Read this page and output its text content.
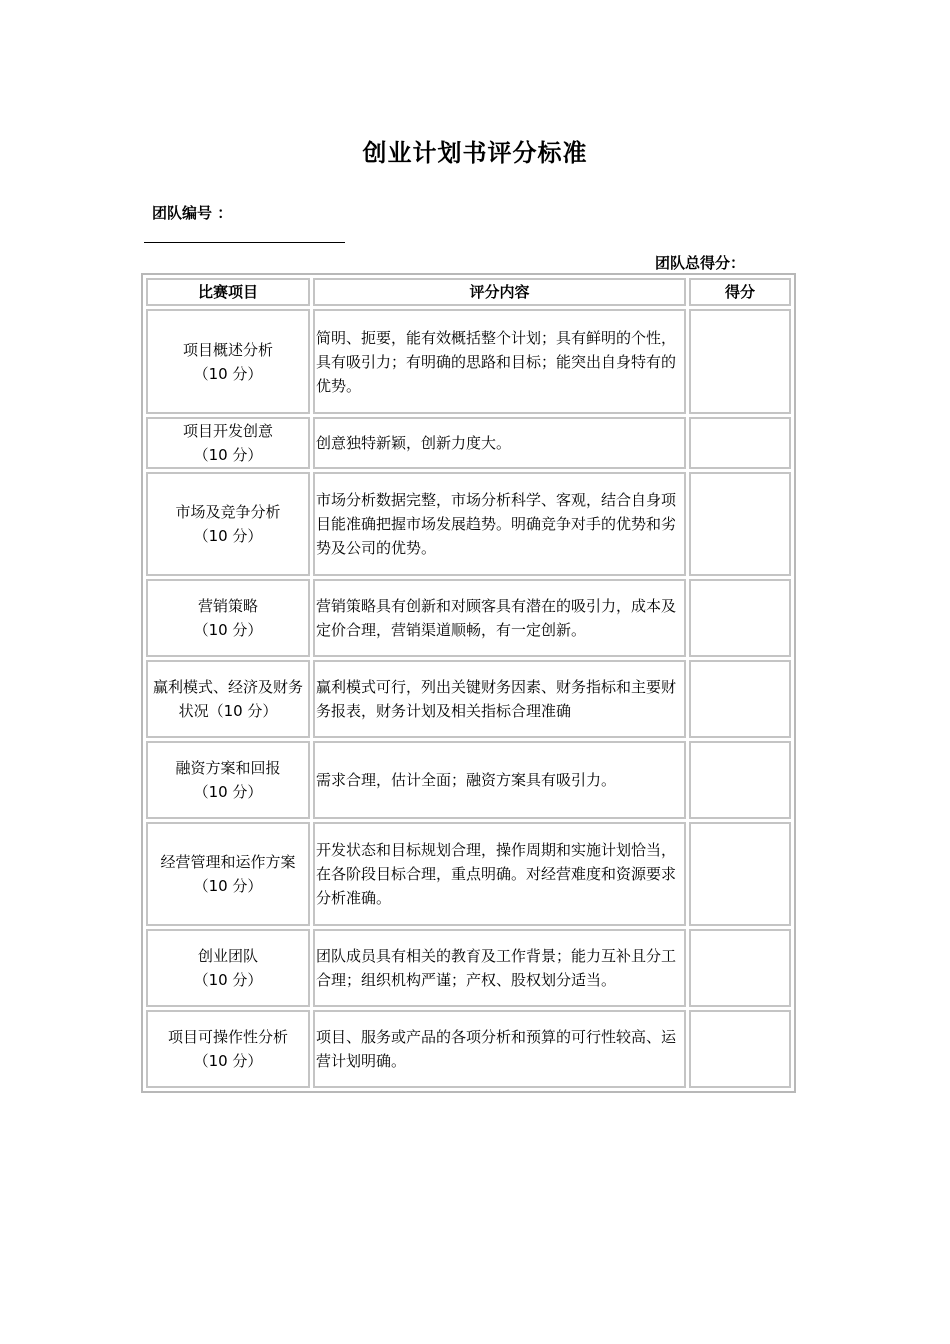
创业计划书评分标准
团队编号 ：
团队总得分：
比赛项目	评分内容	得分

项目概述分析
（10 分）	简明、扼要，能有效概括整个计划；具有鲜明的个性，具有吸引力；有明确的思路和目标；能突出自身特有的优势。	

项目开发创意
（10 分）	创意独特新颖，创新力度大。	

市场及竞争分析
（10 分）	市场分析数据完整，市场分析科学、客观，结合自身项目能准确把握市场发展趋势。明确竞争对手的优势和劣势及公司的优势。	

营销策略
（10 分）	营销策略具有创新和对顾客具有潜在的吸引力，成本及定价合理，营销渠道顺畅，有一定创新。	

赢利模式、经济及财务
状况（10 分）	赢利模式可行，列出关键财务因素、财务指标和主要财务报表，财务计划及相关指标合理准确	

融资方案和回报
（10 分）	需求合理，估计全面；融资方案具有吸引力。	

经营管理和运作方案
（10 分）	开发状态和目标规划合理，操作周期和实施计划恰当，在各阶段目标合理，重点明确。对经营难度和资源要求分析准确。	

创业团队
（10 分）	团队成员具有相关的教育及工作背景；能力互补且分工合理；组织机构严谨；产权、股权划分适当。	

项目可操作性分析
（10 分）	项目、服务或产品的各项分析和预算的可行性较高、运营计划明确。	
